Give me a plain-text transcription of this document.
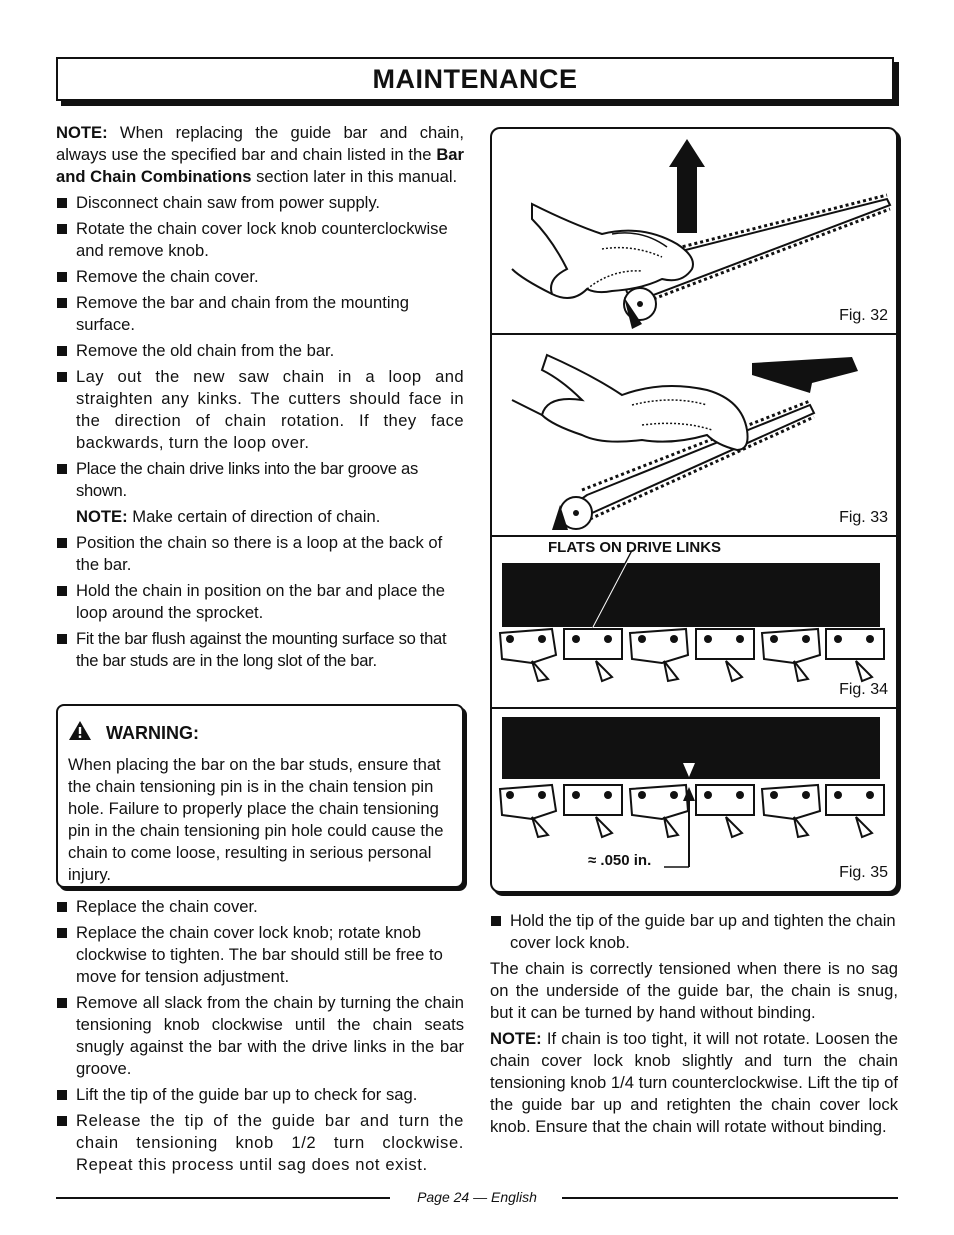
MAINTENANCE

NOTE: When replacing the guide bar and chain, always use the specified bar and chain listed in the Bar and Chain Combinations section later in this manual.

Disconnect chain saw from power supply.
Rotate the chain cover lock knob counterclockwise and remove knob.
Remove the chain cover.
Remove the bar and chain from the mounting surface.
Remove the old chain from the bar.
Lay out the new saw chain in a loop and straighten any kinks. The cutters should face in the direction of chain rotation. If they face backwards, turn the loop over.
Place the chain drive links into the bar groove as shown.

NOTE: Make certain of direction of chain.

Position the chain so there is a loop at the back of the bar.
Hold the chain in position on the bar and place the loop around the sprocket.
Fit the bar flush against the mounting surface so that the bar studs are in the long slot of the bar.
WARNING:

When placing the bar on the bar studs, ensure that the chain tensioning pin is in the chain tension pin hole. Failure to properly place the chain tensioning pin in the chain tensioning pin hole could cause the chain to come loose, resulting in serious personal injury.

Replace the chain cover.
Replace the chain cover lock knob; rotate knob clockwise to tighten. The bar should still be free to move for tension adjustment.
Remove all slack from the chain by turning the chain tensioning knob clockwise until the chain seats snugly against the bar with the drive links in the bar groove.
Lift the tip of the guide bar up to check for sag.
Release the tip of the guide bar and turn the chain tensioning knob 1/2 turn clockwise. Repeat this process until sag does not exist.
Fig. 32
Fig. 33
FLATS ON DRIVE LINKS
Fig. 34
≈ .050 in.
Fig. 35
Hold the tip of the guide bar up and tighten the chain cover lock knob.

The chain is correctly tensioned when there is no sag on the underside of the guide bar, the chain is snug, but it can be turned by hand without binding.

NOTE: If chain is too tight, it will not rotate. Loosen the chain cover lock knob slightly and turn the chain tensioning knob 1/4 turn counterclockwise. Lift the tip of the guide bar up and retighten the chain cover lock knob. Ensure that the chain will rotate without binding.

Page 24 — English
